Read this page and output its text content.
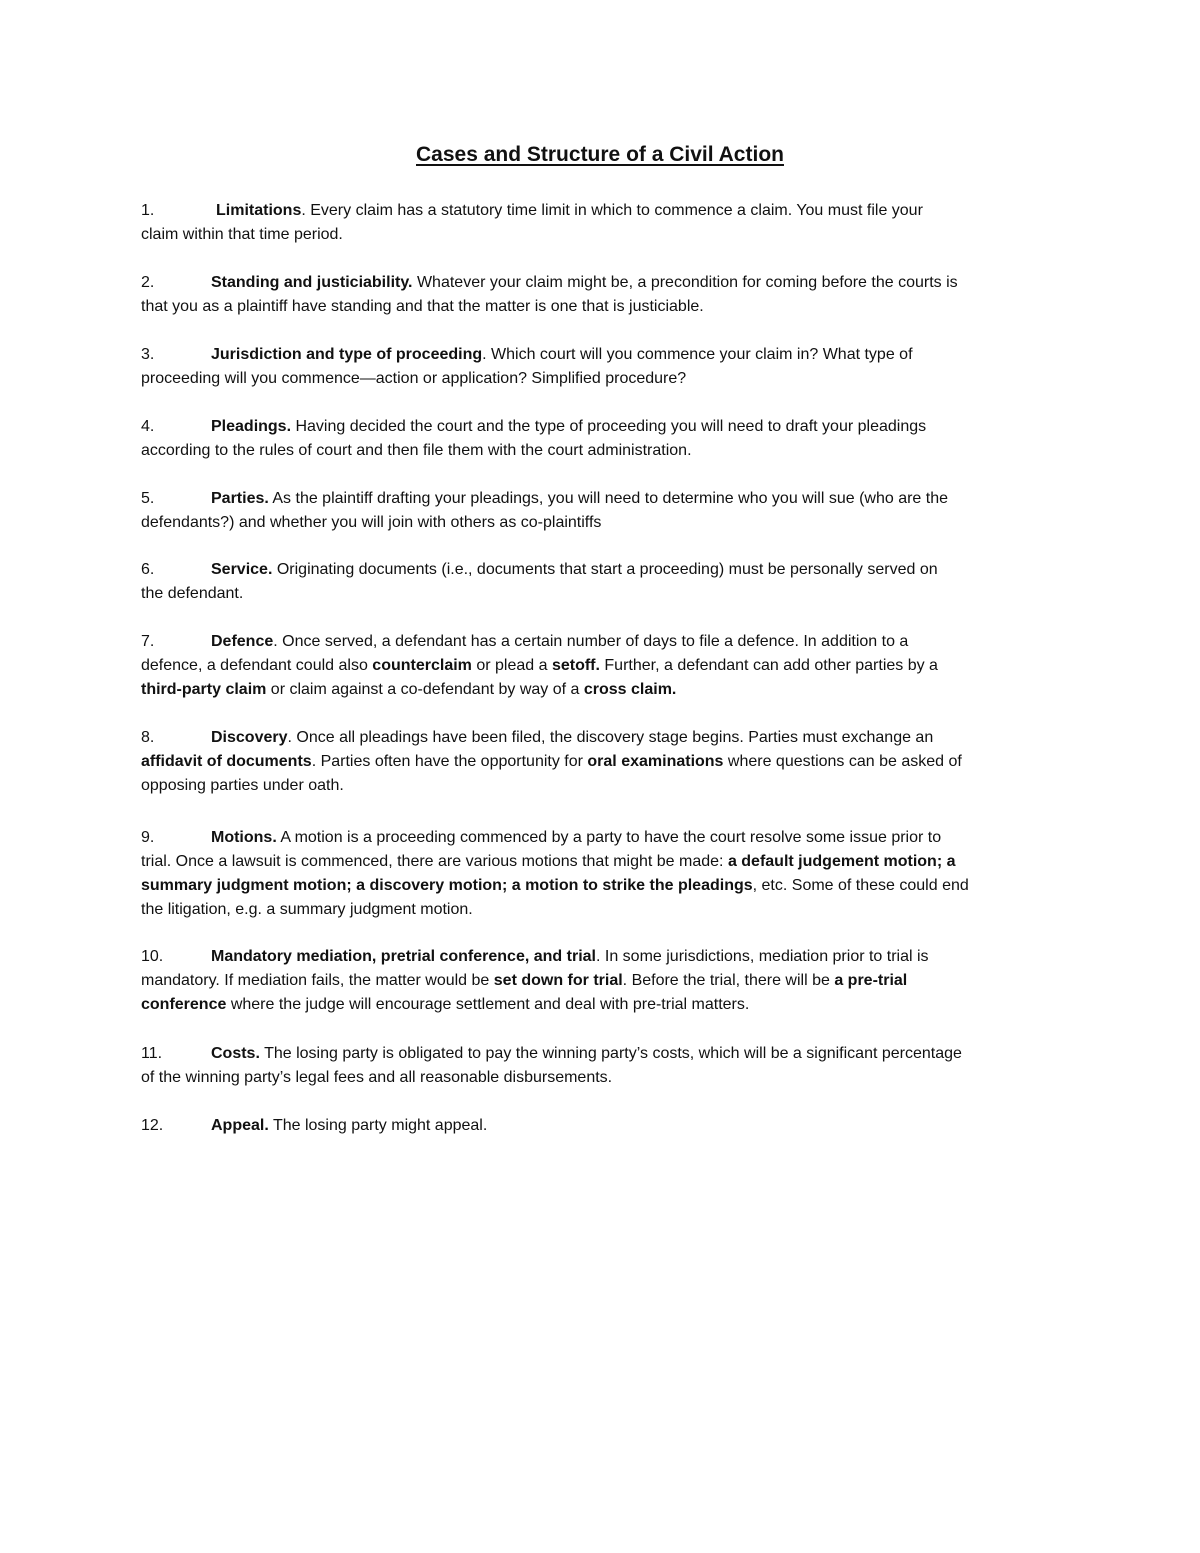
Cases and Structure of a Civil Action
1.	Limitations. Every claim has a statutory time limit in which to commence a claim. You must file your
claim within that time period.
2.	Standing and justiciability. Whatever your claim might be, a precondition for coming before the courts is
that you as a plaintiff have standing and that the matter is one that is justiciable.
3.	Jurisdiction and type of proceeding. Which court will you commence your claim in? What type of
proceeding will you commence—action or application? Simplified procedure?
4.	Pleadings. Having decided the court and the type of proceeding you will need to draft your pleadings
according to the rules of court and then file them with the court administration.
5.	Parties. As the plaintiff drafting your pleadings, you will need to determine who you will sue (who are the
defendants?) and whether you will join with others as co-plaintiffs
6.	Service. Originating documents (i.e., documents that start a proceeding) must be personally served on
the defendant.
7.	Defence. Once served, a defendant has a certain number of days to file a defence. In addition to a
defence, a defendant could also counterclaim or plead a setoff. Further, a defendant can add other parties by a
third-party claim or claim against a co-defendant by way of a cross claim.
8.	Discovery. Once all pleadings have been filed, the discovery stage begins. Parties must exchange an
affidavit of documents. Parties often have the opportunity for oral examinations where questions can be asked of
opposing parties under oath.
9.	Motions. A motion is a proceeding commenced by a party to have the court resolve some issue prior to
trial. Once a lawsuit is commenced, there are various motions that might be made: a default judgement motion; a
summary judgment motion; a discovery motion; a motion to strike the pleadings, etc. Some of these could end
the litigation, e.g. a summary judgment motion.
10.	Mandatory mediation, pretrial conference, and trial. In some jurisdictions, mediation prior to trial is
mandatory. If mediation fails, the matter would be set down for trial. Before the trial, there will be a pre-trial
conference where the judge will encourage settlement and deal with pre-trial matters.
11.	Costs. The losing party is obligated to pay the winning party’s costs, which will be a significant percentage
of the winning party’s legal fees and all reasonable disbursements.
12.	Appeal. The losing party might appeal.
